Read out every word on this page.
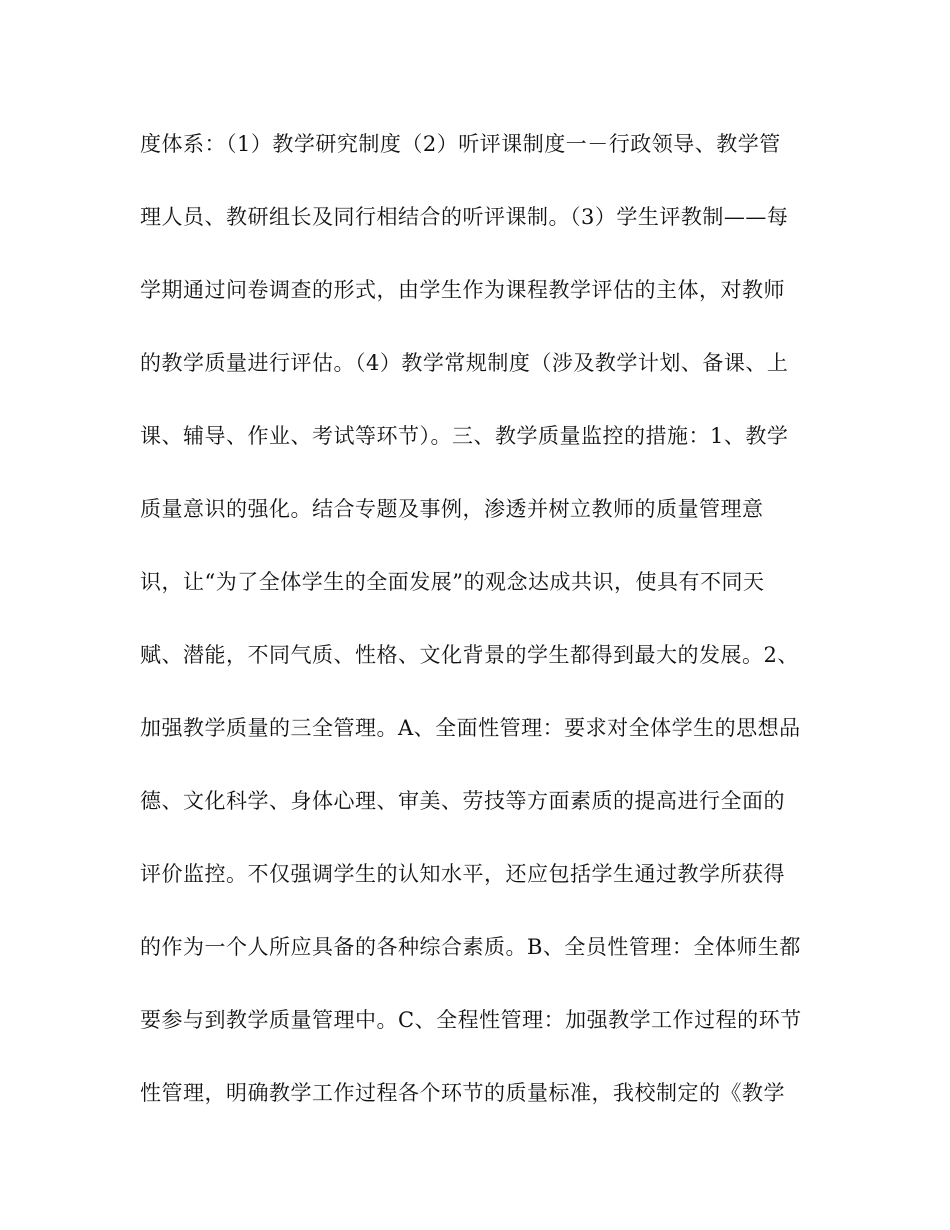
度体系：（1）教学研究制度（2）听评课制度一－行政领导、教学管
理人员、教研组长及同行相结合的听评课制。（3）学生评教制——每
学期通过问卷调查的形式，由学生作为课程教学评估的主体，对教师
的教学质量进行评估。（4）教学常规制度（涉及教学计划、备课、上
课、辅导、作业、考试等环节）。三、教学质量监控的措施：1、教学
质量意识的强化。结合专题及事例，渗透并树立教师的质量管理意
识，让“为了全体学生的全面发展”的观念达成共识，使具有不同天
赋、潜能，不同气质、性格、文化背景的学生都得到最大的发展。2、
加强教学质量的三全管理。A、全面性管理：要求对全体学生的思想品
德、文化科学、身体心理、审美、劳技等方面素质的提高进行全面的
评价监控。不仅强调学生的认知水平，还应包括学生通过教学所获得
的作为一个人所应具备的各种综合素质。B、全员性管理：全体师生都
要参与到教学质量管理中。C、全程性管理：加强教学工作过程的环节
性管理，明确教学工作过程各个环节的质量标准，我校制定的《教学
